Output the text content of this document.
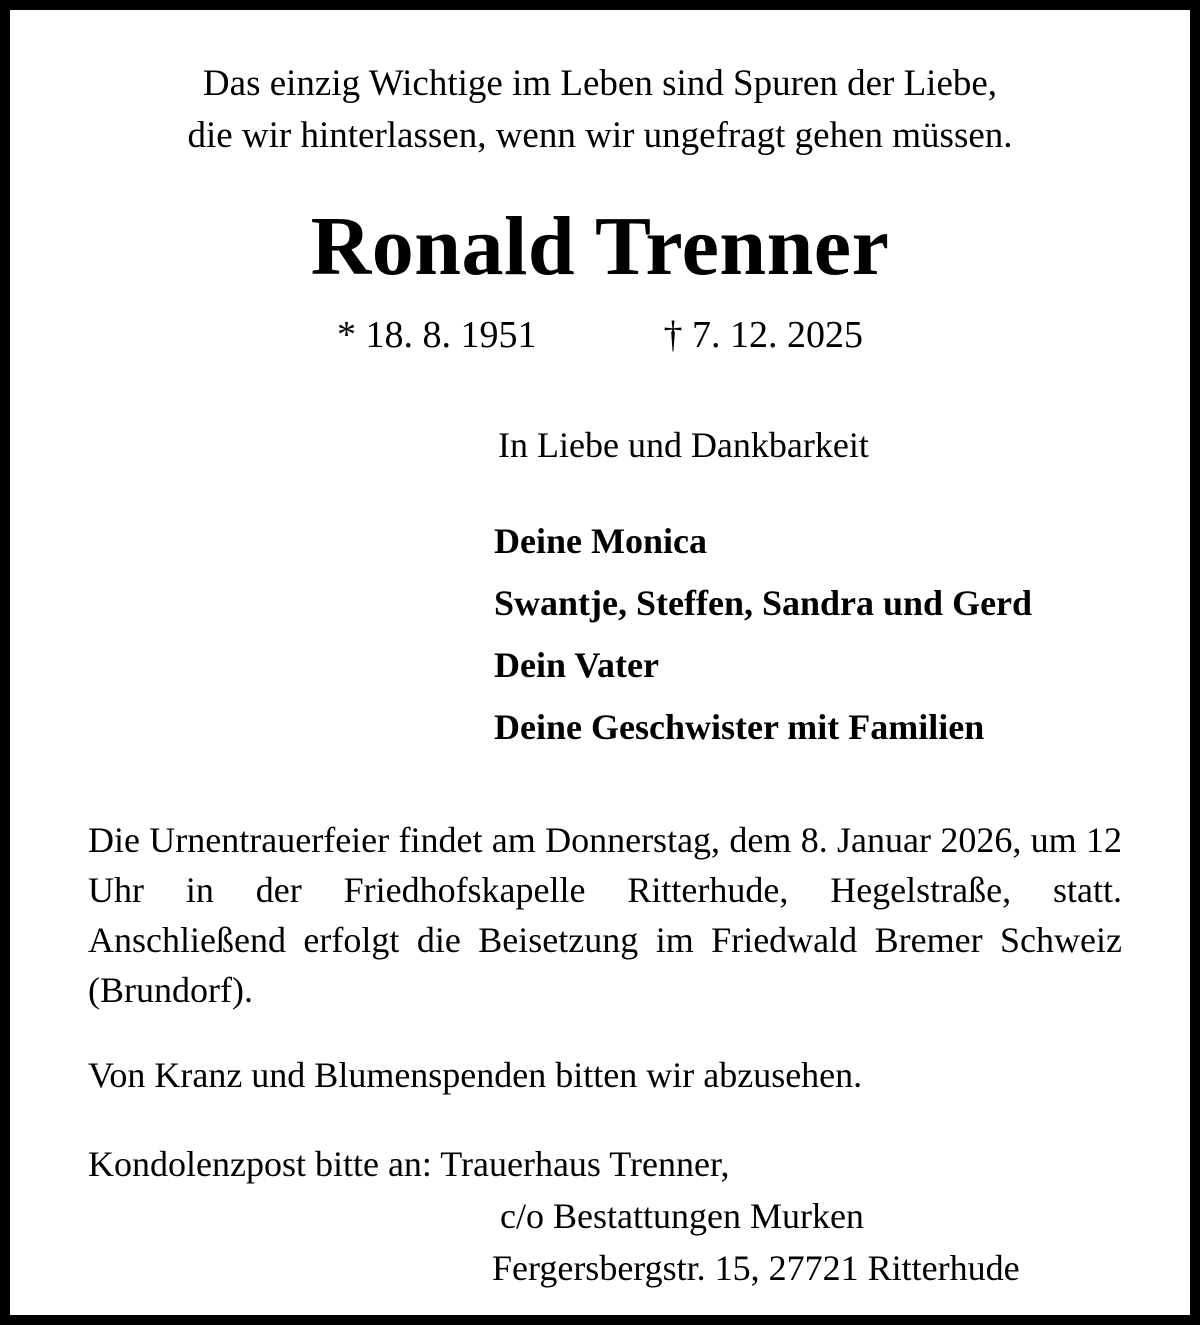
Das einzig Wichtige im Leben sind Spuren der Liebe,
die wir hinterlassen, wenn wir ungefragt gehen müssen.
Ronald Trenner
* 18. 8. 1951	† 7. 12. 2025
In Liebe und Dankbarkeit
Deine Monica
Swantje, Steffen, Sandra und Gerd
Dein Vater
Deine Geschwister mit Familien
Die Urnentrauerfeier findet am Donnerstag, dem 8. Januar 2026, um 12 Uhr in der Friedhofskapelle Ritterhude, Hegelstraße, statt. Anschließend erfolgt die Beisetzung im Friedwald Bremer Schweiz (Brundorf).
Von Kranz und Blumenspenden bitten wir abzusehen.
Kondolenzpost bitte an: Trauerhaus Trenner,
c/o Bestattungen Murken
Fergersbergstr. 15, 27721 Ritterhude
